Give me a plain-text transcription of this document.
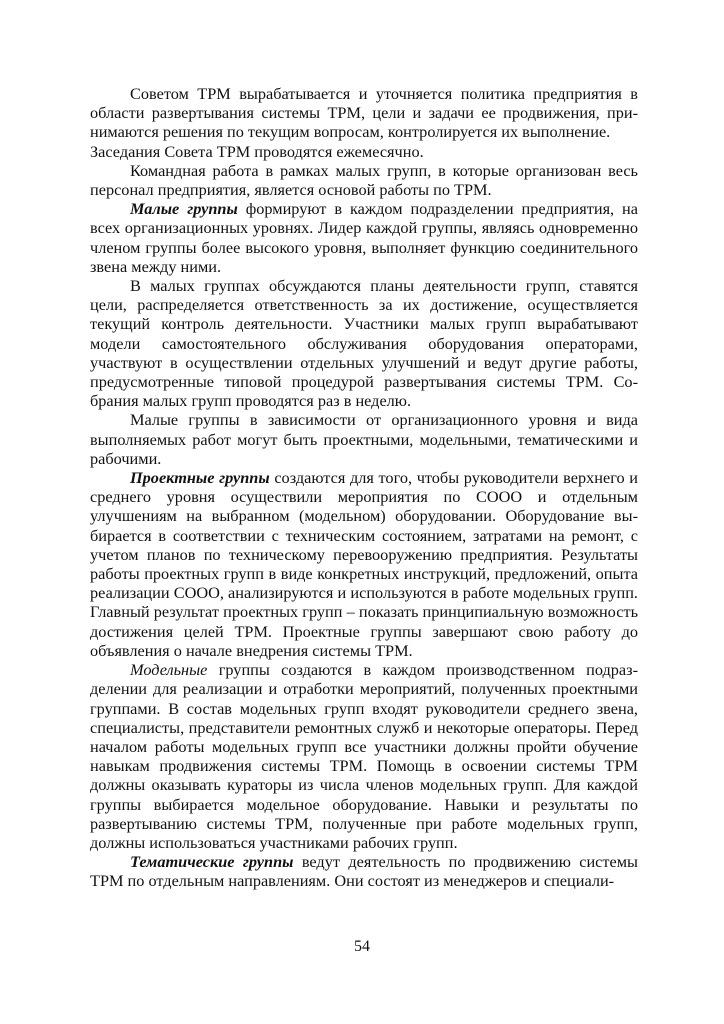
Советом ТРМ вырабатывается и уточняется политика предприятия в области развертывания системы ТРМ, цели и задачи ее продвижения, принимаются решения по текущим вопросам, контролируется их выполнение.

Заседания Совета ТРМ проводятся ежемесячно.

Командная работа в рамках малых групп, в которые организован весь персонал предприятия, является основой работы по ТРМ.

Малые группы формируют в каждом подразделении предприятия, на всех организационных уровнях. Лидер каждой группы, являясь одновременно членом группы более высокого уровня, выполняет функцию соединительного звена между ними.

В малых группах обсуждаются планы деятельности групп, ставятся цели, распределяется ответственность за их достижение, осуществляется текущий контроль деятельности. Участники малых групп вырабатывают модели самостоятельного обслуживания оборудования операторами, участвуют в осуществлении отдельных улучшений и ведут другие работы, предусмотренные типовой процедурой развертывания системы ТРМ. Собрания малых групп проводятся раз в неделю.

Малые группы в зависимости от организационного уровня и вида выполняемых работ могут быть проектными, модельными, тематическими и рабочими.

Проектные группы создаются для того, чтобы руководители верхнего и среднего уровня осуществили мероприятия по СООО и отдельным улучшениям на выбранном (модельном) оборудовании. Оборудование выбирается в соответствии с техническим состоянием, затратами на ремонт, с учетом планов по техническому перевооружению предприятия. Результаты работы проектных групп в виде конкретных инструкций, предложений, опыта реализации СООО, анализируются и используются в работе модельных групп. Главный результат проектных групп – показать принципиальную возможность достижения целей ТРМ. Проектные группы завершают свою работу до объявления о начале внедрения системы ТРМ.

Модельные группы создаются в каждом производственном подразделении для реализации и отработки мероприятий, полученных проектными группами. В состав модельных групп входят руководители среднего звена, специалисты, представители ремонтных служб и некоторые операторы. Перед началом работы модельных групп все участники должны пройти обучение навыкам продвижения системы ТРМ. Помощь в освоении системы ТРМ должны оказывать кураторы из числа членов модельных групп. Для каждой группы выбирается модельное оборудование. Навыки и результаты по развертыванию системы ТРМ, полученные при работе модельных групп, должны использоваться участниками рабочих групп.

Тематические группы ведут деятельность по продвижению системы ТРМ по отдельным направлениям. Они состоят из менеджеров и специали-

54
